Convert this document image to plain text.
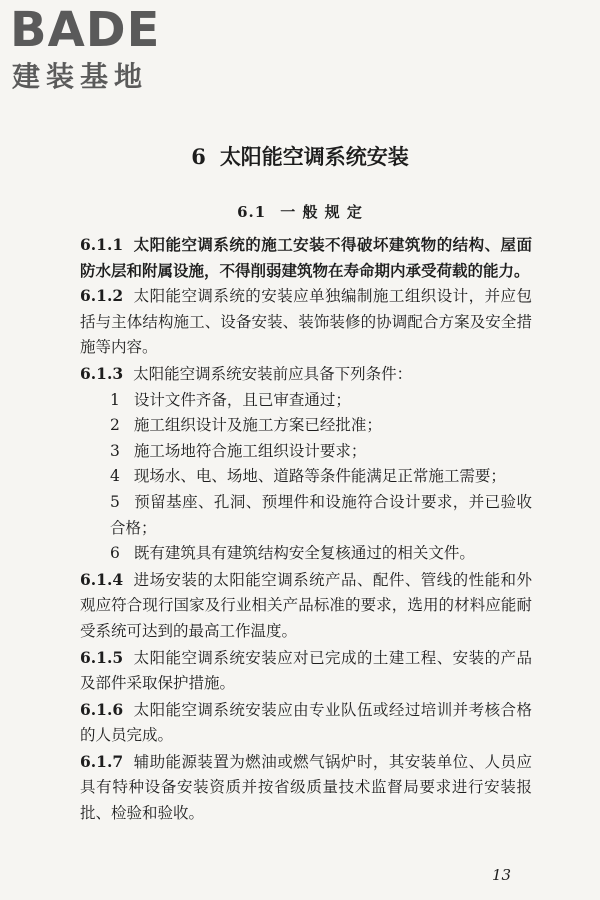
BADE
建装基地
6 太阳能空调系统安装
6.1 一 般 规 定

6.1.1 太阳能空调系统的施工安装不得破坏建筑物的结构、屋面防水层和附属设施，不得削弱建筑物在寿命期内承受荷载的能力。

6.1.2 太阳能空调系统的安装应单独编制施工组织设计，并应包括与主体结构施工、设备安装、装饰装修的协调配合方案及安全措施等内容。

6.1.3 太阳能空调系统安装前应具备下列条件：

1 设计文件齐备，且已审查通过；

2 施工组织设计及施工方案已经批准；

3 施工场地符合施工组织设计要求；

4 现场水、电、场地、道路等条件能满足正常施工需要；

5 预留基座、孔洞、预埋件和设施符合设计要求，并已验收合格；

6 既有建筑具有建筑结构安全复核通过的相关文件。

6.1.4 进场安装的太阳能空调系统产品、配件、管线的性能和外观应符合现行国家及行业相关产品标准的要求，选用的材料应能耐受系统可达到的最高工作温度。

6.1.5 太阳能空调系统安装应对已完成的土建工程、安装的产品及部件采取保护措施。

6.1.6 太阳能空调系统安装应由专业队伍或经过培训并考核合格的人员完成。

6.1.7 辅助能源装置为燃油或燃气锅炉时，其安装单位、人员应具有特种设备安装资质并按省级质量技术监督局要求进行安装报批、检验和验收。

13
